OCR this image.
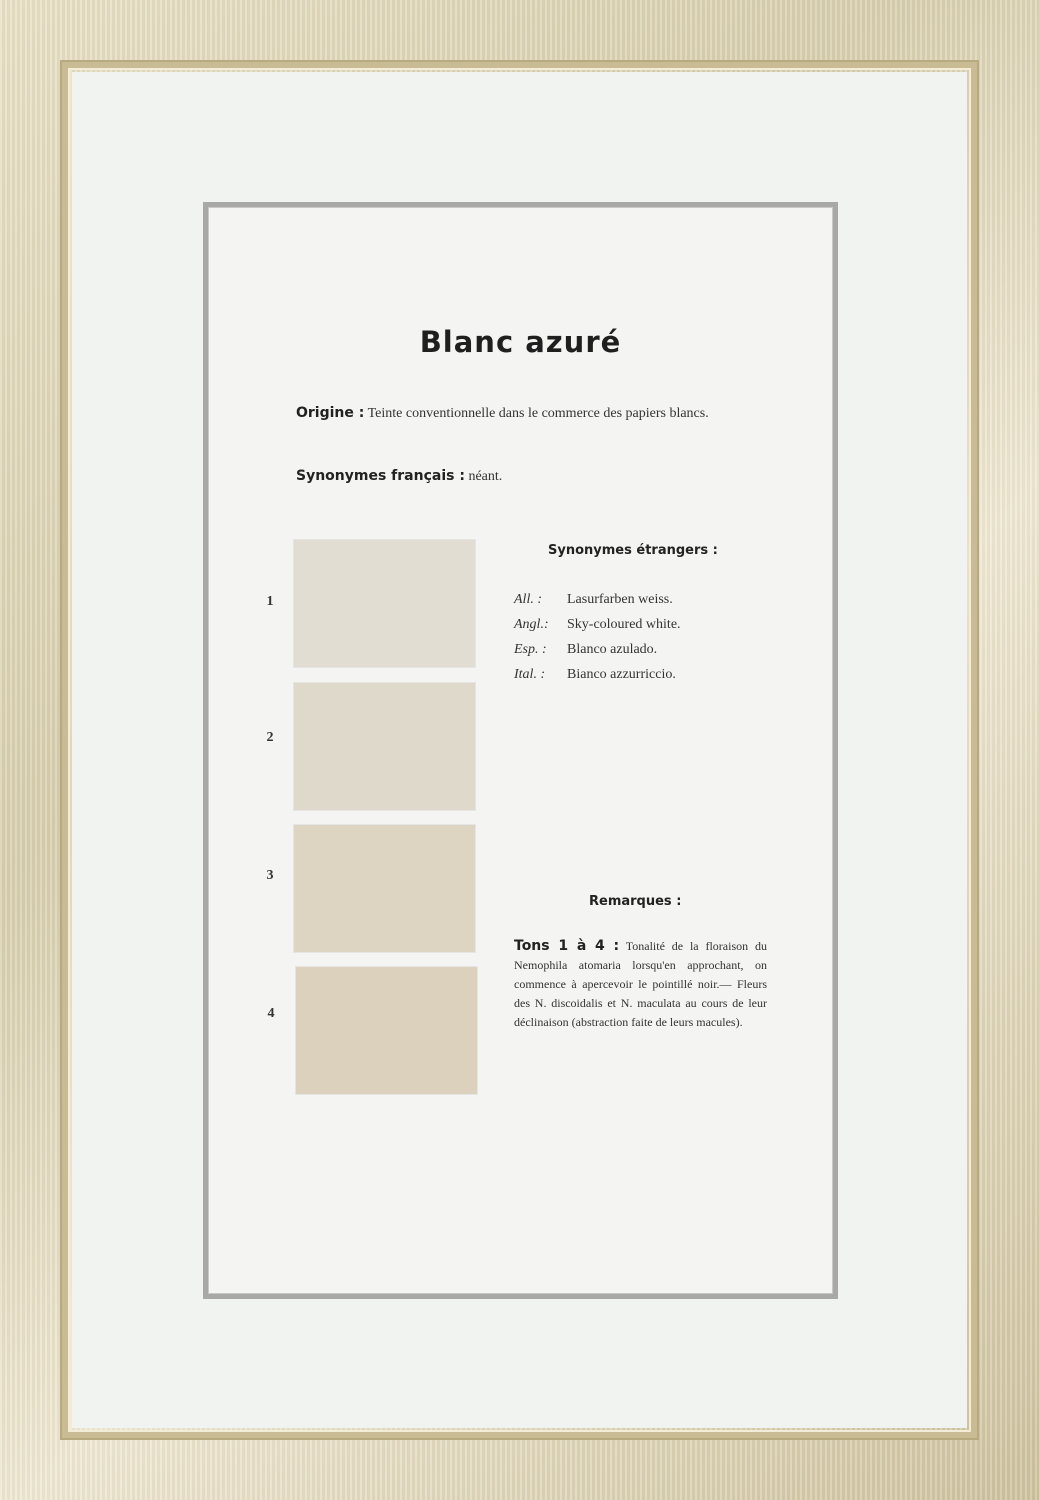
Blanc azuré
Origine : Teinte conventionnelle dans le commerce des papiers blancs.
Synonymes français : néant.
1
2
3
4
Synonymes étrangers :
All. : Lasurfarben weiss.
Angl.: Sky-coloured white.
Esp. : Blanco azulado.
Ital. : Bianco azzurriccio.
Remarques :
Tons 1 à 4 : Tonalité de la floraison du Nemophila atomaria lorsqu'en approchant, on commence à apercevoir le pointillé noir.— Fleurs des N. discoidalis et N. maculata au cours de leur déclinaison (abstraction faite de leurs macules).
